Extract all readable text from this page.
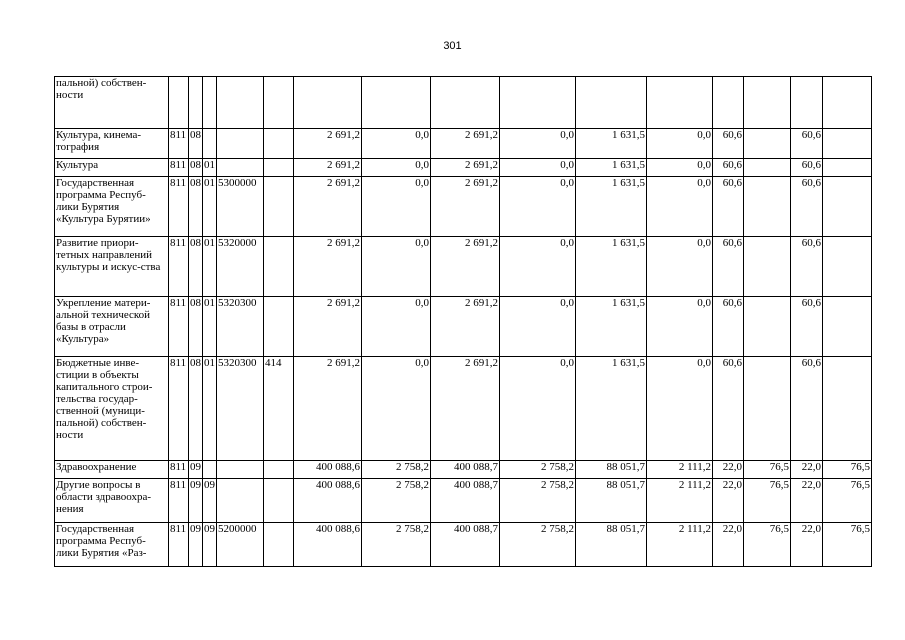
301
пальной) собствен-ности															
Культура, кинема-тография	811	08				2 691,2	0,0	2 691,2	0,0	1 631,5	0,0	60,6		60,6	
Культура	811	08	01			2 691,2	0,0	2 691,2	0,0	1 631,5	0,0	60,6		60,6	
Государственная программа Респуб-лики Бурятия «Культура Бурятии»	811	08	01	5300000		2 691,2	0,0	2 691,2	0,0	1 631,5	0,0	60,6		60,6	
Развитие приори-тетных направлений культуры и искус-ства	811	08	01	5320000		2 691,2	0,0	2 691,2	0,0	1 631,5	0,0	60,6		60,6	
Укрепление матери-альной технической базы в отрасли «Культура»	811	08	01	5320300		2 691,2	0,0	2 691,2	0,0	1 631,5	0,0	60,6		60,6	
Бюджетные инве-стиции в объекты капитального строи-тельства государ-ственной (муници-пальной) собствен-ности	811	08	01	5320300	414	2 691,2	0,0	2 691,2	0,0	1 631,5	0,0	60,6		60,6	
Здравоохранение	811	09				400 088,6	2 758,2	400 088,7	2 758,2	88 051,7	2 111,2	22,0	76,5	22,0	76,5
Другие вопросы в области здравоохра-нения	811	09	09			400 088,6	2 758,2	400 088,7	2 758,2	88 051,7	2 111,2	22,0	76,5	22,0	76,5
Государственная программа Респуб-лики Бурятия «Раз-	811	09	09	5200000		400 088,6	2 758,2	400 088,7	2 758,2	88 051,7	2 111,2	22,0	76,5	22,0	76,5
